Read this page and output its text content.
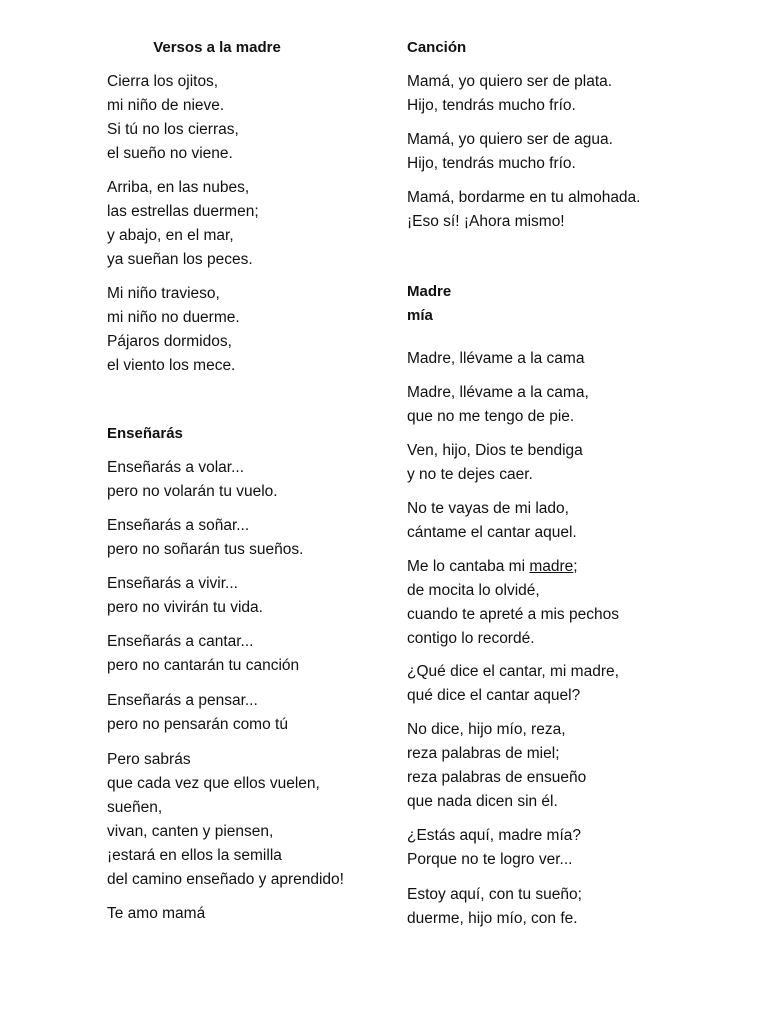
Versos a la madre
Cierra los ojitos,
mi niño de nieve.
Si tú no los cierras,
el sueño no viene.
Arriba, en las nubes,
las estrellas duermen;
y abajo, en el mar,
ya sueñan los peces.
Mi niño travieso,
mi niño no duerme.
Pájaros dormidos,
el viento los mece.
Enseñarás
Enseñarás a volar...
pero no volarán tu vuelo.
Enseñarás a soñar...
pero no soñarán tus sueños.
Enseñarás a vivir...
pero no vivirán tu vida.
Enseñarás a cantar...
pero no cantarán tu canción
Enseñarás a pensar...
pero no pensarán como tú
Pero sabrás
que cada vez que ellos vuelen,
sueñen,
vivan, canten y piensen,
¡estará en ellos la semilla
del camino enseñado y aprendido!
Te amo mamá
Canción
Mamá, yo quiero ser de plata.
Hijo, tendrás mucho frío.
Mamá, yo quiero ser de agua.
Hijo, tendrás mucho frío.
Mamá, bordarme en tu almohada.
¡Eso sí! ¡Ahora mismo!
Madre mía
Madre, llévame a la cama
Madre, llévame a la cama,
que no me tengo de pie.
Ven, hijo, Dios te bendiga
y no te dejes caer.
No te vayas de mi lado,
cántame el cantar aquel.
Me lo cantaba mi madre;
de mocita lo olvidé,
cuando te apreté a mis pechos
contigo lo recordé.
¿Qué dice el cantar, mi madre,
qué dice el cantar aquel?
No dice, hijo mío, reza,
reza palabras de miel;
reza palabras de ensueño
que nada dicen sin él.
¿Estás aquí, madre mía?
Porque no te logro ver...
Estoy aquí, con tu sueño;
duerme, hijo mío, con fe.
